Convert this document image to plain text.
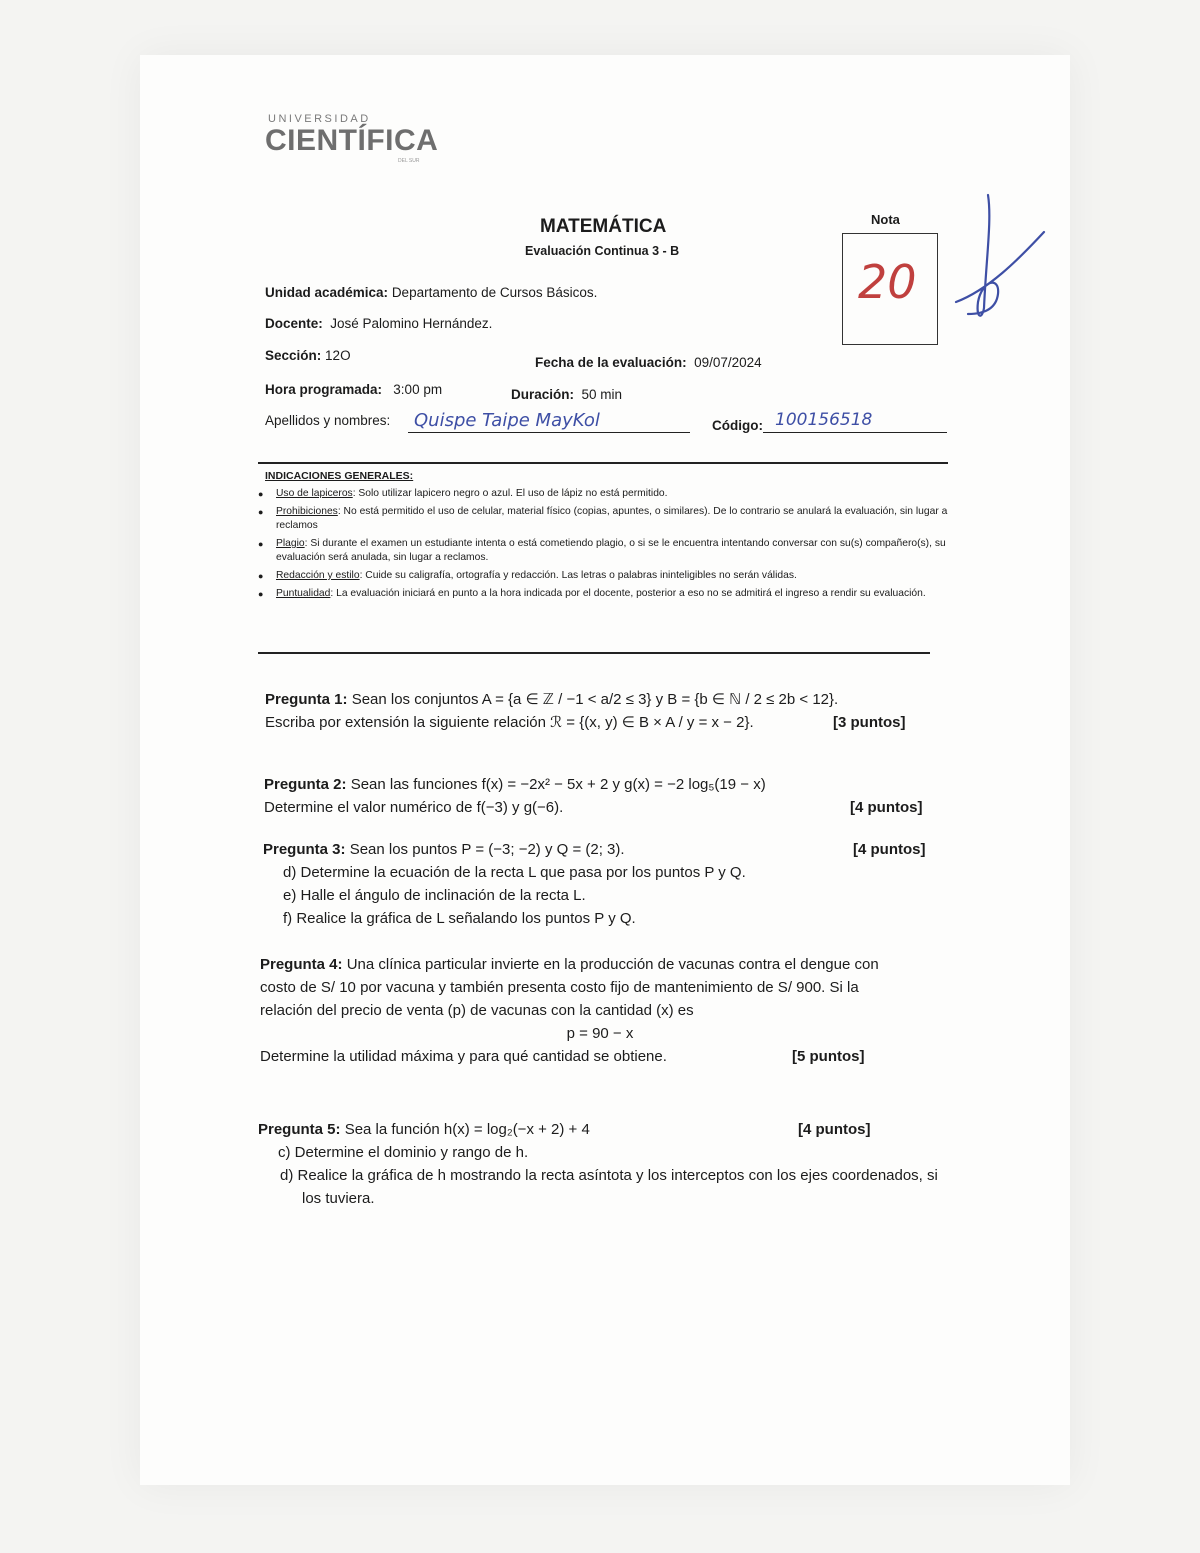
UNIVERSIDAD
CIENTÍFICA
DEL SUR
MATEMÁTICA
Evaluación Continua 3 - B
Nota
20
Unidad académica: Departamento de Cursos Básicos.
Docente: José Palomino Hernández.
Sección: 12O	Fecha de la evaluación: 09/07/2024
Hora programada: 3:00 pm	Duración: 50 min
Apellidos y nombres:	Quispe Taipe MayKol	Código: 100156518
INDICACIONES GENERALES:
● Uso de lapiceros: Solo utilizar lapicero negro o azul. El uso de lápiz no está permitido.
● Prohibiciones: No está permitido el uso de celular, material físico (copias, apuntes, o similares). De lo contrario se anulará la evaluación, sin lugar a reclamos
● Plagio: Si durante el examen un estudiante intenta o está cometiendo plagio, o si se le encuentra intentando conversar con su(s) compañero(s), su evaluación será anulada, sin lugar a reclamos.
● Redacción y estilo: Cuide su caligrafía, ortografía y redacción. Las letras o palabras ininteligibles no serán válidas.
● Puntualidad: La evaluación iniciará en punto a la hora indicada por el docente, posterior a eso no se admitirá el ingreso a rendir su evaluación.
Pregunta 1: Sean los conjuntos A = {a ∈ ℤ / −1 < a/2 ≤ 3} y B = {b ∈ ℕ / 2 ≤ 2b < 12}.
Escriba por extensión la siguiente relación ℛ = {(x, y) ∈ B × A / y = x − 2}.	[3 puntos]
Pregunta 2: Sean las funciones f(x) = −2x² − 5x + 2 y g(x) = −2 log₅(19 − x)
Determine el valor numérico de f(−3) y g(−6).	[4 puntos]
Pregunta 3: Sean los puntos P = (−3; −2) y Q = (2; 3).	[4 puntos]
d) Determine la ecuación de la recta L que pasa por los puntos P y Q.
e) Halle el ángulo de inclinación de la recta L.
f) Realice la gráfica de L señalando los puntos P y Q.
Pregunta 4: Una clínica particular invierte en la producción de vacunas contra el dengue con
costo de S/ 10 por vacuna y también presenta costo fijo de mantenimiento de S/ 900. Si la
relación del precio de venta (p) de vacunas con la cantidad (x) es
p = 90 − x
Determine la utilidad máxima y para qué cantidad se obtiene.	[5 puntos]
Pregunta 5: Sea la función h(x) = log₂(−x + 2) + 4	[4 puntos]
c) Determine el dominio y rango de h.
d) Realice la gráfica de h mostrando la recta asíntota y los interceptos con los ejes coordenados, si los tuviera.
